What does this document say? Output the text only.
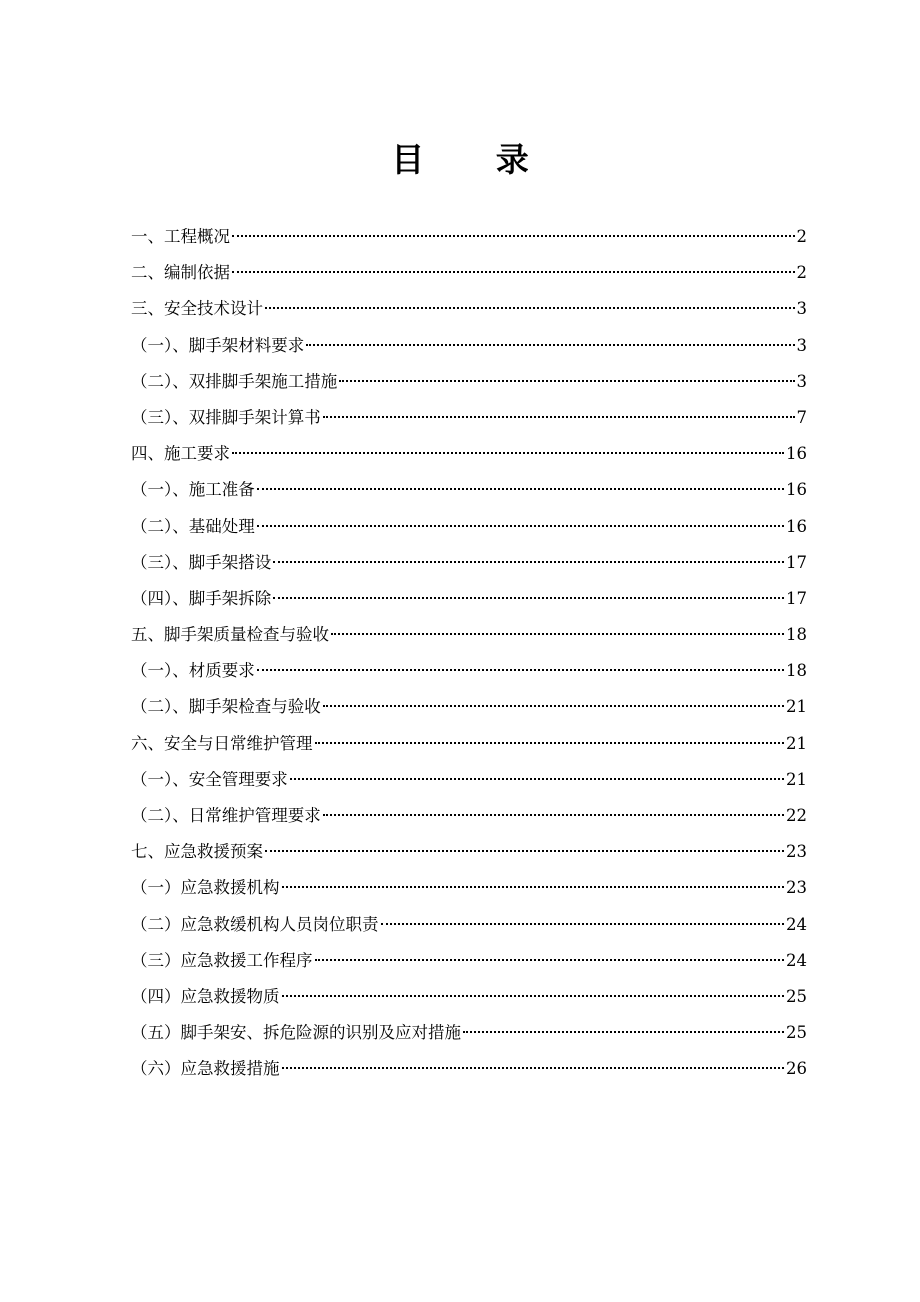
目 录
一、工程概况	2
二、编制依据	2
三、安全技术设计	3
（一）、脚手架材料要求	3
（二）、双排脚手架施工措施	3
（三）、双排脚手架计算书	7
四、施工要求	16
（一）、施工准备	16
（二）、基础处理	16
（三）、脚手架搭设	17
（四）、脚手架拆除	17
五、脚手架质量检查与验收	18
（一）、材质要求	18
（二）、脚手架检查与验收	21
六、安全与日常维护管理	21
（一）、安全管理要求	21
（二）、日常维护管理要求	22
七、应急救援预案	23
（一）应急救援机构	23
（二）应急救缓机构人员岗位职责	24
（三）应急救援工作程序	24
（四）应急救援物质	25
（五）脚手架安、拆危险源的识别及应对措施	25
（六）应急救援措施	26
